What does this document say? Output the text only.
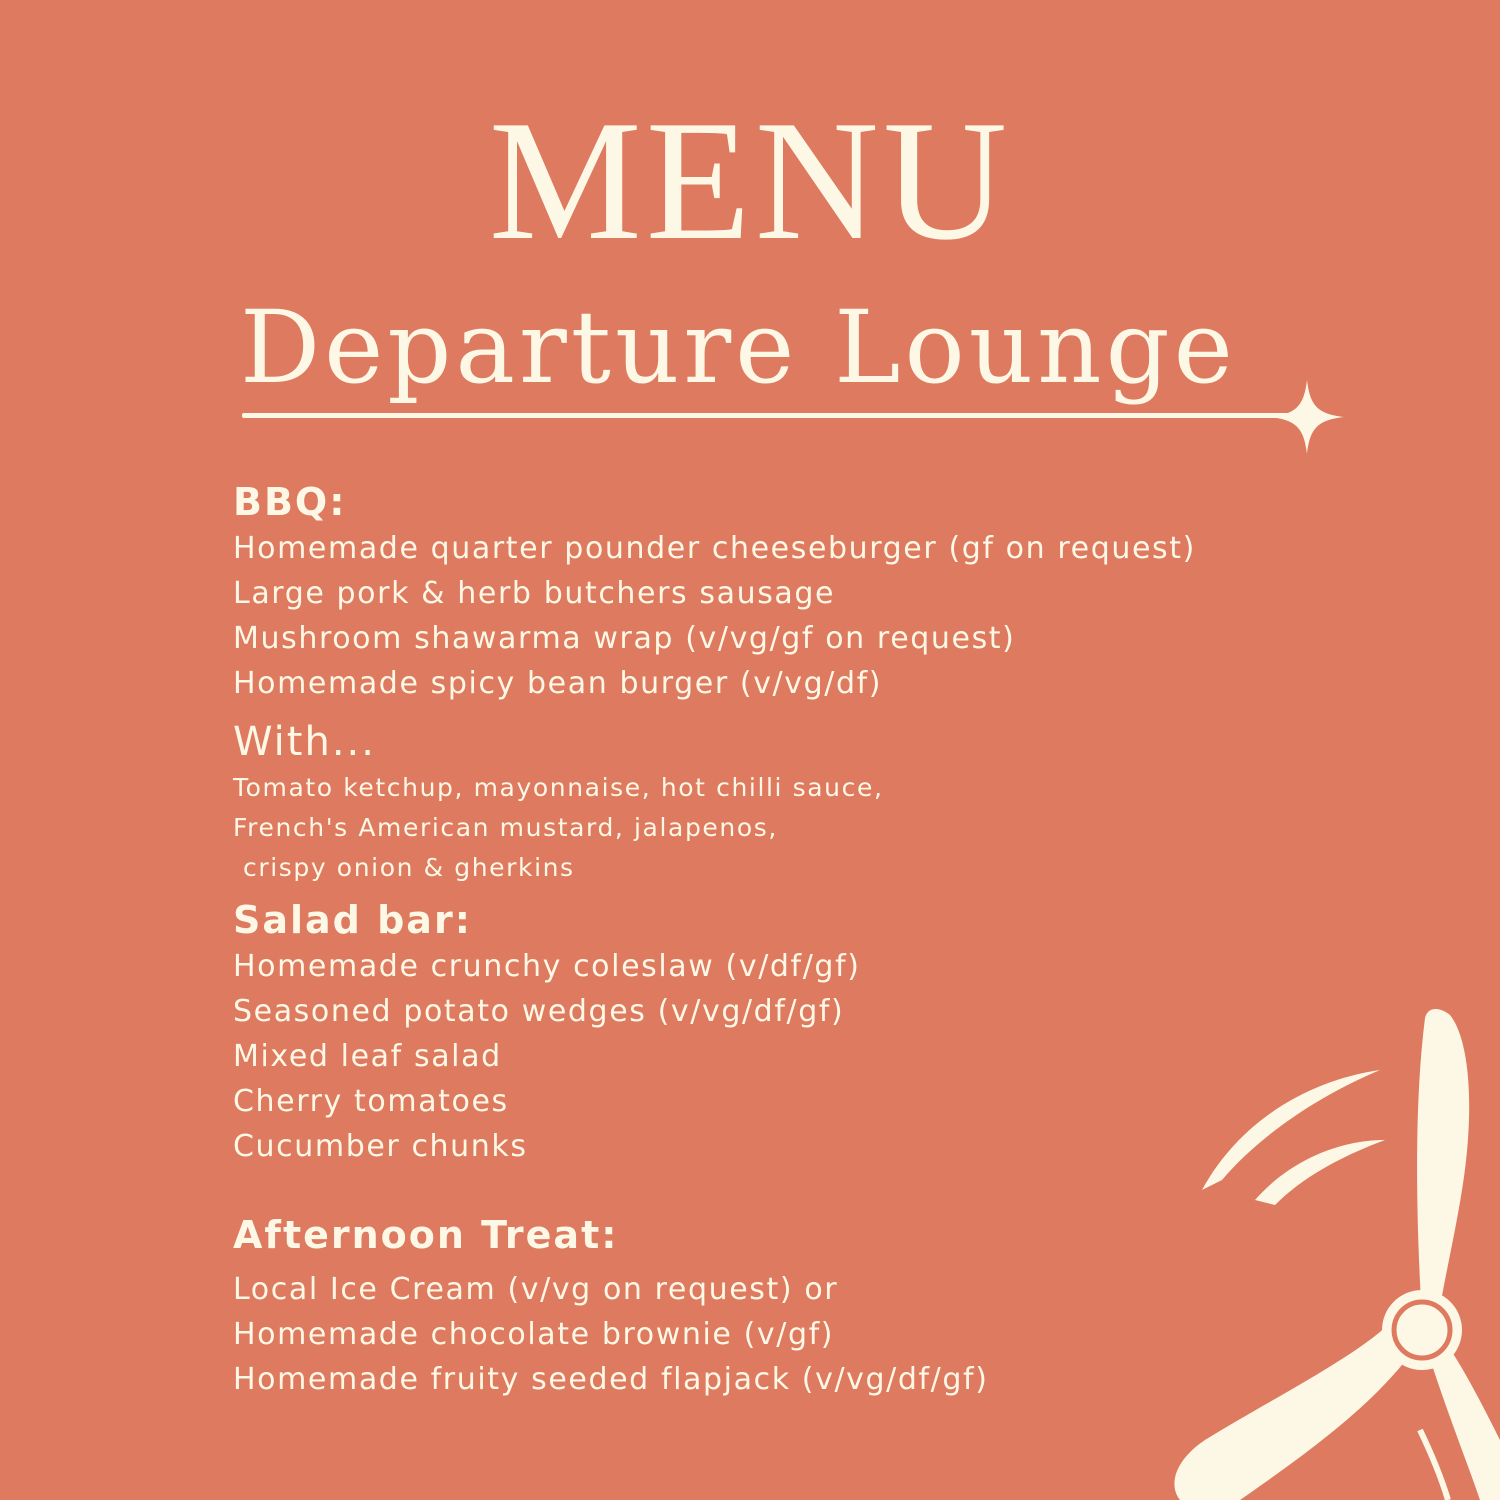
MENU
Departure Lounge
BBQ:
Homemade quarter pounder cheeseburger (gf on request)
Large pork & herb butchers sausage
Mushroom shawarma wrap (v/vg/gf on request)
Homemade spicy bean burger (v/vg/df)
With...
Tomato ketchup, mayonnaise, hot chilli sauce,
French's American mustard, jalapenos,
crispy onion & gherkins
Salad bar:
Homemade crunchy coleslaw (v/df/gf)
Seasoned potato wedges (v/vg/df/gf)
Mixed leaf salad
Cherry tomatoes
Cucumber chunks
Afternoon Treat:
Local Ice Cream (v/vg on request) or
Homemade chocolate brownie (v/gf)
Homemade fruity seeded flapjack (v/vg/df/gf)
